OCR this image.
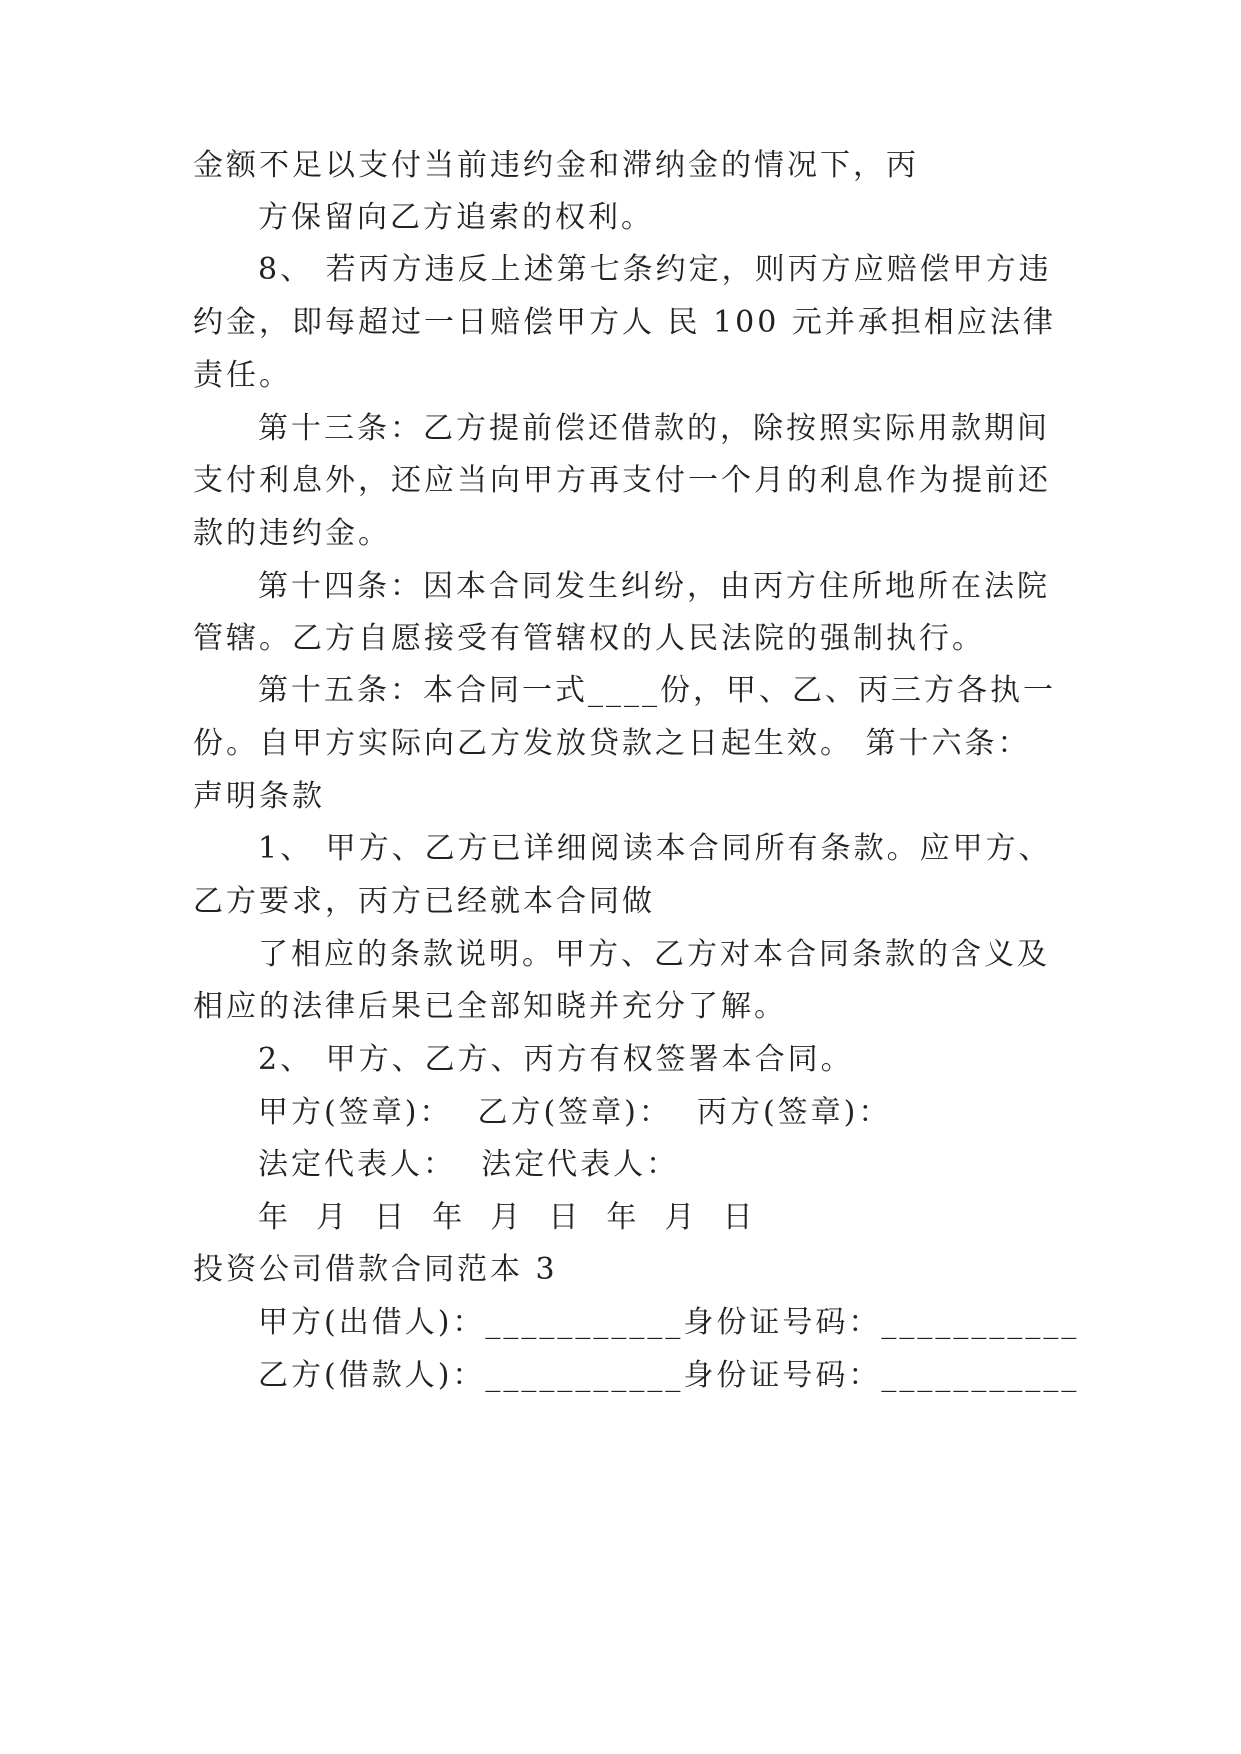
金额不足以支付当前违约金和滞纳金的情况下，丙
方保留向乙方追索的权利。
8、 若丙方违反上述第七条约定，则丙方应赔偿甲方违
约金，即每超过一日赔偿甲方人 民 100 元并承担相应法律
责任。
第十三条：乙方提前偿还借款的，除按照实际用款期间
支付利息外，还应当向甲方再支付一个月的利息作为提前还
款的违约金。
第十四条：因本合同发生纠纷，由丙方住所地所在法院
管辖。乙方自愿接受有管辖权的人民法院的强制执行。
第十五条：本合同一式____份，甲、乙、丙三方各执一
份。自甲方实际向乙方发放贷款之日起生效。 第十六条：
声明条款
1、 甲方、乙方已详细阅读本合同所有条款。应甲方、
乙方要求，丙方已经就本合同做
了相应的条款说明。甲方、乙方对本合同条款的含义及
相应的法律后果已全部知晓并充分了解。
2、 甲方、乙方、丙方有权签署本合同。
甲方(签章)：  乙方(签章)：  丙方(签章)：
法定代表人：  法定代表人：
年  月  日  年  月  日  年  月  日
投资公司借款合同范本 3
甲方(出借人)：___________身份证号码：___________
乙方(借款人)：___________身份证号码：___________
